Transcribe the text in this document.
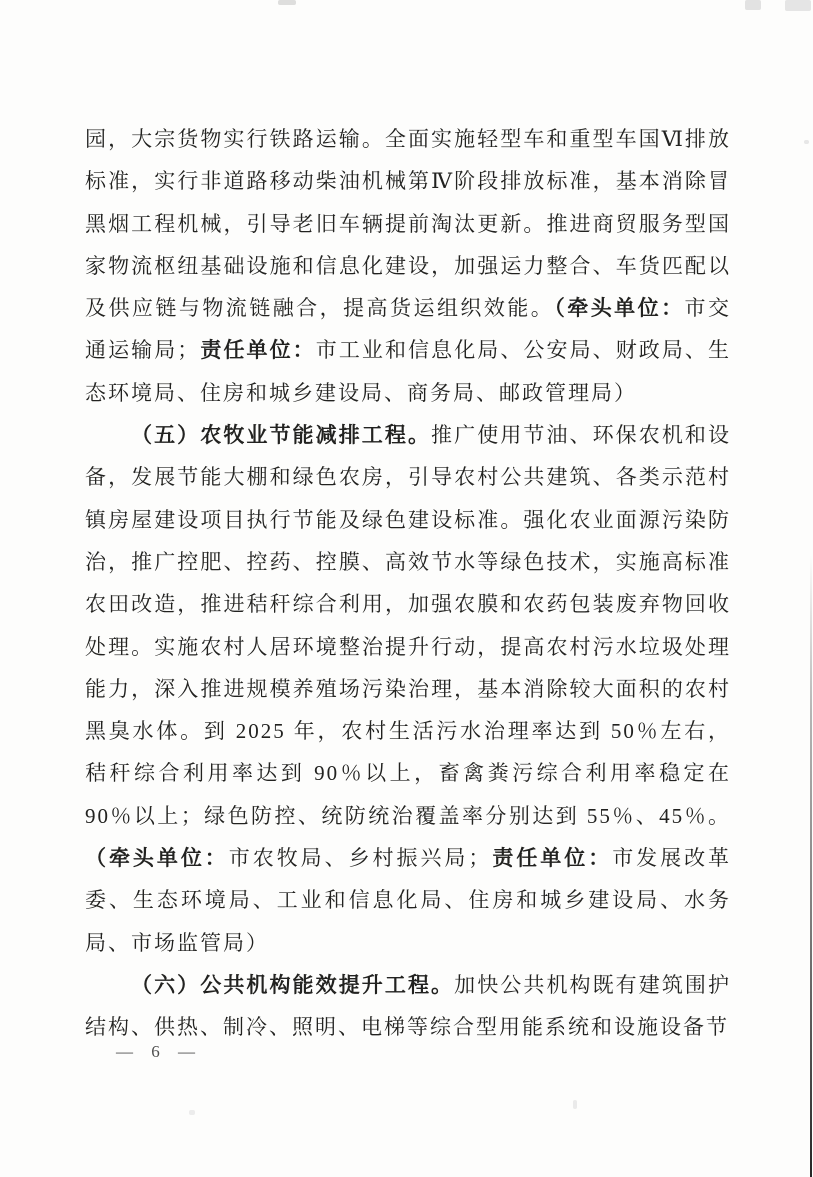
园，大宗货物实行铁路运输。全面实施轻型车和重型车国Ⅵ排放标准，实行非道路移动柴油机械第Ⅳ阶段排放标准，基本消除冒黑烟工程机械，引导老旧车辆提前淘汰更新。推进商贸服务型国家物流枢纽基础设施和信息化建设，加强运力整合、车货匹配以及供应链与物流链融合，提高货运组织效能。（牵头单位：市交通运输局；责任单位：市工业和信息化局、公安局、财政局、生态环境局、住房和城乡建设局、商务局、邮政管理局）

（五）农牧业节能减排工程。推广使用节油、环保农机和设备，发展节能大棚和绿色农房，引导农村公共建筑、各类示范村镇房屋建设项目执行节能及绿色建设标准。强化农业面源污染防治，推广控肥、控药、控膜、高效节水等绿色技术，实施高标准农田改造，推进秸秆综合利用，加强农膜和农药包装废弃物回收处理。实施农村人居环境整治提升行动，提高农村污水垃圾处理能力，深入推进规模养殖场污染治理，基本消除较大面积的农村黑臭水体。到 2025 年，农村生活污水治理率达到 50％左右，秸秆综合利用率达到 90％以上，畜禽粪污综合利用率稳定在 90％以上；绿色防控、统防统治覆盖率分别达到 55％、45％。（牵头单位：市农牧局、乡村振兴局；责任单位：市发展改革委、生态环境局、工业和信息化局、住房和城乡建设局、水务局、市场监管局）

（六）公共机构能效提升工程。加快公共机构既有建筑围护结构、供热、制冷、照明、电梯等综合型用能系统和设施设备节

— 6 —
